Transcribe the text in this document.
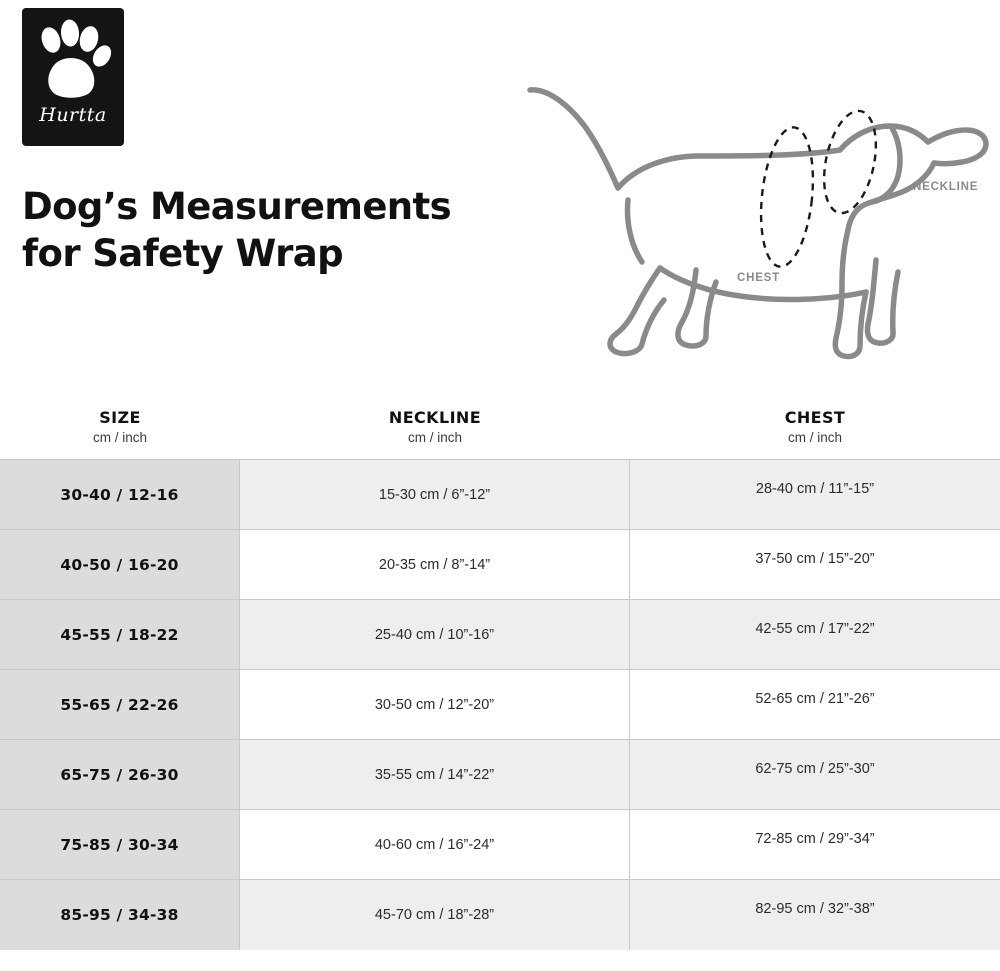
Hurtta
Dog’s Measurements
for Safety Wrap
NECKLINE
CHEST
SIZE
cm / inch
NECKLINE
cm / inch
CHEST
cm / inch
30-40 / 12-16	15-30 cm / 6”-12”	28-40 cm / 11”-15”
40-50 / 16-20	20-35 cm / 8”-14”	37-50 cm / 15”-20”
45-55 / 18-22	25-40 cm / 10”-16”	42-55 cm / 17”-22”
55-65 / 22-26	30-50 cm / 12”-20”	52-65 cm / 21”-26”
65-75 / 26-30	35-55 cm / 14”-22”	62-75 cm / 25”-30”
75-85 / 30-34	40-60 cm / 16”-24”	72-85 cm / 29”-34”
85-95 / 34-38	45-70 cm / 18”-28”	82-95 cm / 32”-38”
